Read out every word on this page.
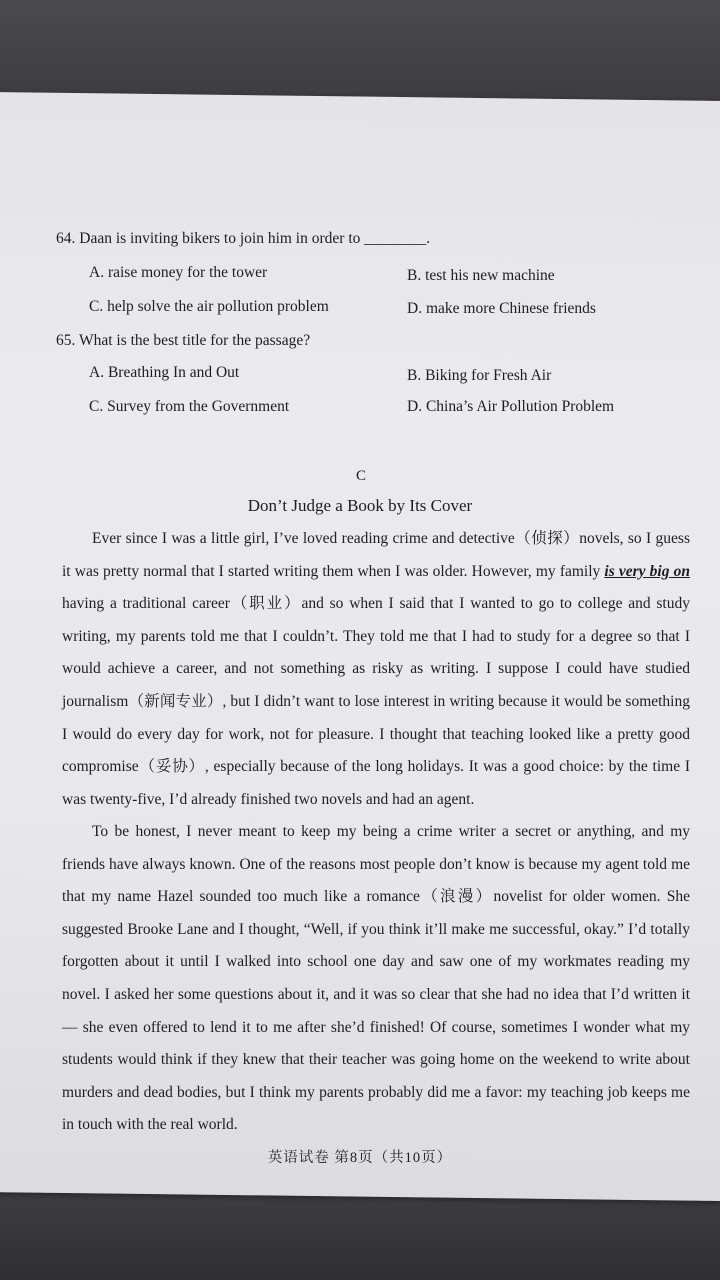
64. Daan is inviting bikers to join him in order to ________.
A. raise money for the tower	B. test his new machine
C. help solve the air pollution problem	D. make more Chinese friends
65. What is the best title for the passage?
A. Breathing In and Out	B. Biking for Fresh Air
C. Survey from the Government	D. China’s Air Pollution Problem
C
Don’t Judge a Book by Its Cover
Ever since I was a little girl, I’ve loved reading crime and detective（侦探）novels, so I guess it was pretty normal that I started writing them when I was older. However, my family is very big on having a traditional career（职业）and so when I said that I wanted to go to college and study writing, my parents told me that I couldn’t. They told me that I had to study for a degree so that I would achieve a career, and not something as risky as writing. I suppose I could have studied journalism（新闻专业）, but I didn’t want to lose interest in writing because it would be something I would do every day for work, not for pleasure. I thought that teaching looked like a pretty good compromise（妥协）, especially because of the long holidays. It was a good choice: by the time I was twenty-five, I’d already finished two novels and had an agent.
To be honest, I never meant to keep my being a crime writer a secret or anything, and my friends have always known. One of the reasons most people don’t know is because my agent told me that my name Hazel sounded too much like a romance（浪漫）novelist for older women. She suggested Brooke Lane and I thought, “Well, if you think it’ll make me successful, okay.” I’d totally forgotten about it until I walked into school one day and saw one of my workmates reading my novel. I asked her some questions about it, and it was so clear that she had no idea that I’d written it — she even offered to lend it to me after she’d finished! Of course, sometimes I wonder what my students would think if they knew that their teacher was going home on the weekend to write about murders and dead bodies, but I think my parents probably did me a favor: my teaching job keeps me in touch with the real world.
英语试卷 第8页（共10页）
